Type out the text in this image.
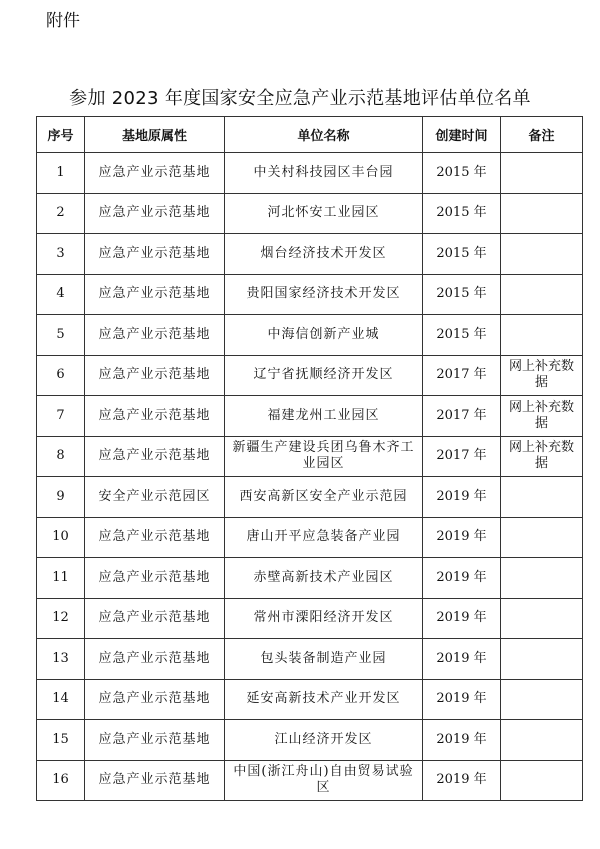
附件
参加 2023 年度国家安全应急产业示范基地评估单位名单
序号	基地原属性	单位名称	创建时间	备注
1	应急产业示范基地	中关村科技园区丰台园	2015 年	
2	应急产业示范基地	河北怀安工业园区	2015 年	
3	应急产业示范基地	烟台经济技术开发区	2015 年	
4	应急产业示范基地	贵阳国家经济技术开发区	2015 年	
5	应急产业示范基地	中海信创新产业城	2015 年	
6	应急产业示范基地	辽宁省抚顺经济开发区	2017 年	网上补充数据
7	应急产业示范基地	福建龙州工业园区	2017 年	网上补充数据
8	应急产业示范基地	新疆生产建设兵团乌鲁木齐工业园区	2017 年	网上补充数据
9	安全产业示范园区	西安高新区安全产业示范园	2019 年	
10	应急产业示范基地	唐山开平应急装备产业园	2019 年	
11	应急产业示范基地	赤壁高新技术产业园区	2019 年	
12	应急产业示范基地	常州市溧阳经济开发区	2019 年	
13	应急产业示范基地	包头装备制造产业园	2019 年	
14	应急产业示范基地	延安高新技术产业开发区	2019 年	
15	应急产业示范基地	江山经济开发区	2019 年	
16	应急产业示范基地	中国(浙江舟山)自由贸易试验区	2019 年	
